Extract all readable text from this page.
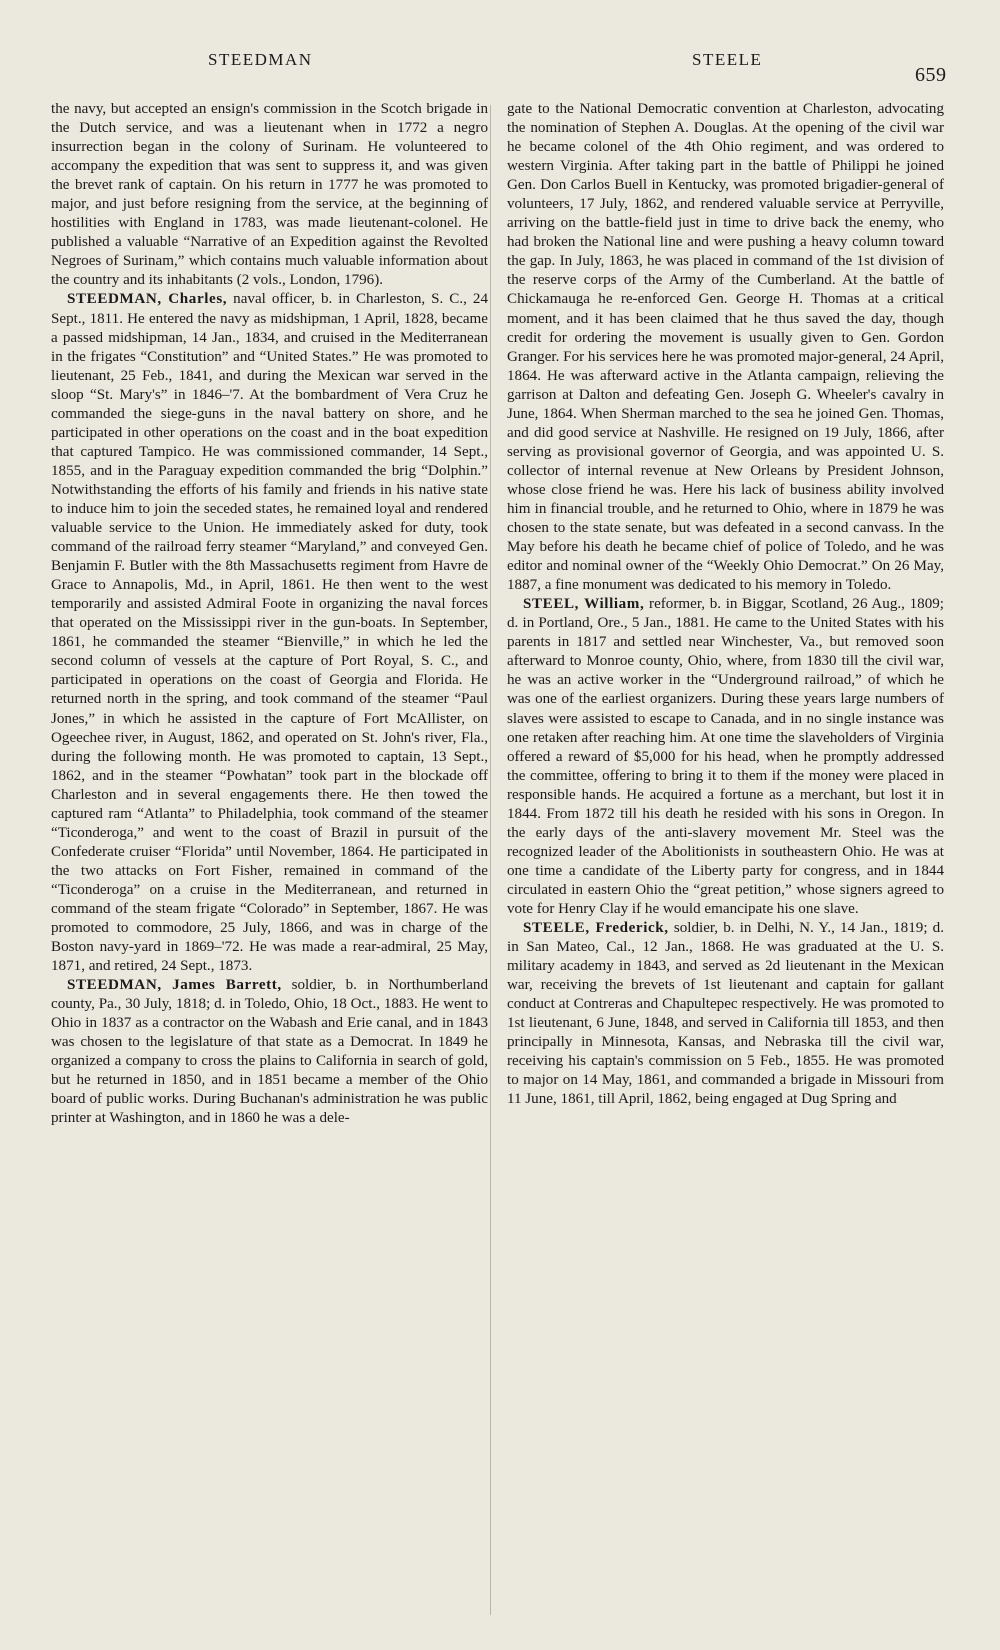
STEEDMAN	STEELE
659

the navy, but accepted an ensign's commission in the Scotch brigade in the Dutch service, and was a lieutenant when in 1772 a negro insurrection began in the colony of Surinam. He volunteered to accompany the expedition that was sent to suppress it, and was given the brevet rank of captain. On his return in 1777 he was promoted to major, and just before resigning from the service, at the beginning of hostilities with England in 1783, was made lieutenant-colonel. He published a valuable “Narrative of an Expedition against the Revolted Negroes of Surinam,” which contains much valuable information about the country and its inhabitants (2 vols., London, 1796).

STEEDMAN, Charles, naval officer, b. in Charleston, S. C., 24 Sept., 1811. He entered the navy as midshipman, 1 April, 1828, became a passed midshipman, 14 Jan., 1834, and cruised in the Mediterranean in the frigates “Constitution” and “United States.” He was promoted to lieutenant, 25 Feb., 1841, and during the Mexican war served in the sloop “St. Mary's” in 1846–'7. At the bombardment of Vera Cruz he commanded the siege-guns in the naval battery on shore, and he participated in other operations on the coast and in the boat expedition that captured Tampico. He was commissioned commander, 14 Sept., 1855, and in the Paraguay expedition commanded the brig “Dolphin.” Notwithstanding the efforts of his family and friends in his native state to induce him to join the seceded states, he remained loyal and rendered valuable service to the Union. He immediately asked for duty, took command of the railroad ferry steamer “Maryland,” and conveyed Gen. Benjamin F. Butler with the 8th Massachusetts regiment from Havre de Grace to Annapolis, Md., in April, 1861. He then went to the west temporarily and assisted Admiral Foote in organizing the naval forces that operated on the Mississippi river in the gun-boats. In September, 1861, he commanded the steamer “Bienville,” in which he led the second column of vessels at the capture of Port Royal, S. C., and participated in operations on the coast of Georgia and Florida. He returned north in the spring, and took command of the steamer “Paul Jones,” in which he assisted in the capture of Fort McAllister, on Ogeechee river, in August, 1862, and operated on St. John's river, Fla., during the following month. He was promoted to captain, 13 Sept., 1862, and in the steamer “Powhatan” took part in the blockade off Charleston and in several engagements there. He then towed the captured ram “Atlanta” to Philadelphia, took command of the steamer “Ticonderoga,” and went to the coast of Brazil in pursuit of the Confederate cruiser “Florida” until November, 1864. He participated in the two attacks on Fort Fisher, remained in command of the “Ticonderoga” on a cruise in the Mediterranean, and returned in command of the steam frigate “Colorado” in September, 1867. He was promoted to commodore, 25 July, 1866, and was in charge of the Boston navy-yard in 1869–'72. He was made a rear-admiral, 25 May, 1871, and retired, 24 Sept., 1873.

STEEDMAN, James Barrett, soldier, b. in Northumberland county, Pa., 30 July, 1818; d. in Toledo, Ohio, 18 Oct., 1883. He went to Ohio in 1837 as a contractor on the Wabash and Erie canal, and in 1843 was chosen to the legislature of that state as a Democrat. In 1849 he organized a company to cross the plains to California in search of gold, but he returned in 1850, and in 1851 became a member of the Ohio board of public works. During Buchanan's administration he was public printer at Washington, and in 1860 he was a dele-

gate to the National Democratic convention at Charleston, advocating the nomination of Stephen A. Douglas. At the opening of the civil war he became colonel of the 4th Ohio regiment, and was ordered to western Virginia. After taking part in the battle of Philippi he joined Gen. Don Carlos Buell in Kentucky, was promoted brigadier-general of volunteers, 17 July, 1862, and rendered valuable service at Perryville, arriving on the battle-field just in time to drive back the enemy, who had broken the National line and were pushing a heavy column toward the gap. In July, 1863, he was placed in command of the 1st division of the reserve corps of the Army of the Cumberland. At the battle of Chickamauga he re-enforced Gen. George H. Thomas at a critical moment, and it has been claimed that he thus saved the day, though credit for ordering the movement is usually given to Gen. Gordon Granger. For his services here he was promoted major-general, 24 April, 1864. He was afterward active in the Atlanta campaign, relieving the garrison at Dalton and defeating Gen. Joseph G. Wheeler's cavalry in June, 1864. When Sherman marched to the sea he joined Gen. Thomas, and did good service at Nashville. He resigned on 19 July, 1866, after serving as provisional governor of Georgia, and was appointed U. S. collector of internal revenue at New Orleans by President Johnson, whose close friend he was. Here his lack of business ability involved him in financial trouble, and he returned to Ohio, where in 1879 he was chosen to the state senate, but was defeated in a second canvass. In the May before his death he became chief of police of Toledo, and he was editor and nominal owner of the “Weekly Ohio Democrat.” On 26 May, 1887, a fine monument was dedicated to his memory in Toledo.

STEEL, William, reformer, b. in Biggar, Scotland, 26 Aug., 1809; d. in Portland, Ore., 5 Jan., 1881. He came to the United States with his parents in 1817 and settled near Winchester, Va., but removed soon afterward to Monroe county, Ohio, where, from 1830 till the civil war, he was an active worker in the “Underground railroad,” of which he was one of the earliest organizers. During these years large numbers of slaves were assisted to escape to Canada, and in no single instance was one retaken after reaching him. At one time the slaveholders of Virginia offered a reward of $5,000 for his head, when he promptly addressed the committee, offering to bring it to them if the money were placed in responsible hands. He acquired a fortune as a merchant, but lost it in 1844. From 1872 till his death he resided with his sons in Oregon. In the early days of the anti-slavery movement Mr. Steel was the recognized leader of the Abolitionists in southeastern Ohio. He was at one time a candidate of the Liberty party for congress, and in 1844 circulated in eastern Ohio the “great petition,” whose signers agreed to vote for Henry Clay if he would emancipate his one slave.

STEELE, Frederick, soldier, b. in Delhi, N. Y., 14 Jan., 1819; d. in San Mateo, Cal., 12 Jan., 1868. He was graduated at the U. S. military academy in 1843, and served as 2d lieutenant in the Mexican war, receiving the brevets of 1st lieutenant and captain for gallant conduct at Contreras and Chapultepec respectively. He was promoted to 1st lieutenant, 6 June, 1848, and served in California till 1853, and then principally in Minnesota, Kansas, and Nebraska till the civil war, receiving his captain's commission on 5 Feb., 1855. He was promoted to major on 14 May, 1861, and commanded a brigade in Missouri from 11 June, 1861, till April, 1862, being engaged at Dug Spring and
